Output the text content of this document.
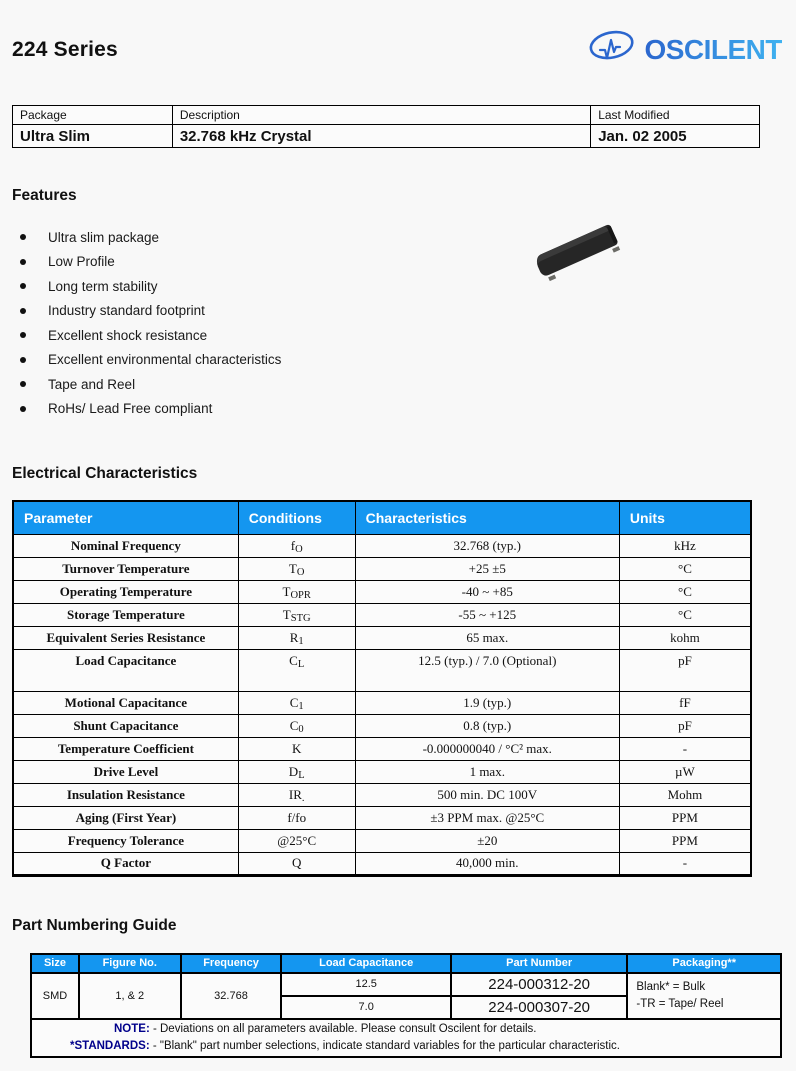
224 Series	OSCILENT
Package	Description	Last Modified
Ultra Slim	32.768 kHz Crystal	Jan. 02 2005
Features
Ultra slim package
Low Profile
Long term stability
Industry standard footprint
Excellent shock resistance
Excellent environmental characteristics
Tape and Reel
RoHs/ Lead Free compliant
Electrical Characteristics
Parameter	Conditions	Characteristics	Units
Nominal Frequency	fO	32.768 (typ.)	kHz
Turnover Temperature	TO	+25 ±5	°C
Operating Temperature	TOPR	-40 ~ +85	°C
Storage Temperature	TSTG	-55 ~ +125	°C
Equivalent Series Resistance	R1	65 max.	kohm
Load Capacitance	CL	12.5 (typ.) / 7.0 (Optional)	pF
Motional Capacitance	C1	1.9 (typ.)	fF
Shunt Capacitance	C0	0.8 (typ.)	pF
Temperature Coefficient	K	-0.000000040 / °C² max.	-
Drive Level	DL	1 max.	µW
Insulation Resistance	IR.	500 min. DC 100V	Mohm
Aging (First Year)	f/fo	±3 PPM max. @25°C	PPM
Frequency Tolerance	@25°C	±20	PPM
Q Factor	Q	40,000 min.	-
Part Numbering Guide
Size	Figure No.	Frequency	Load Capacitance	Part Number	Packaging**
SMD	1, & 2	32.768	12.5	224-000312-20	Blank* = Bulk
-TR = Tape/ Reel

			7.0	224-000307-20	

NOTE: - Deviations on all parameters available. Please consult Oscilent for details.
*STANDARDS: - "Blank" part number selections, indicate standard variables for the particular characteristic.					
